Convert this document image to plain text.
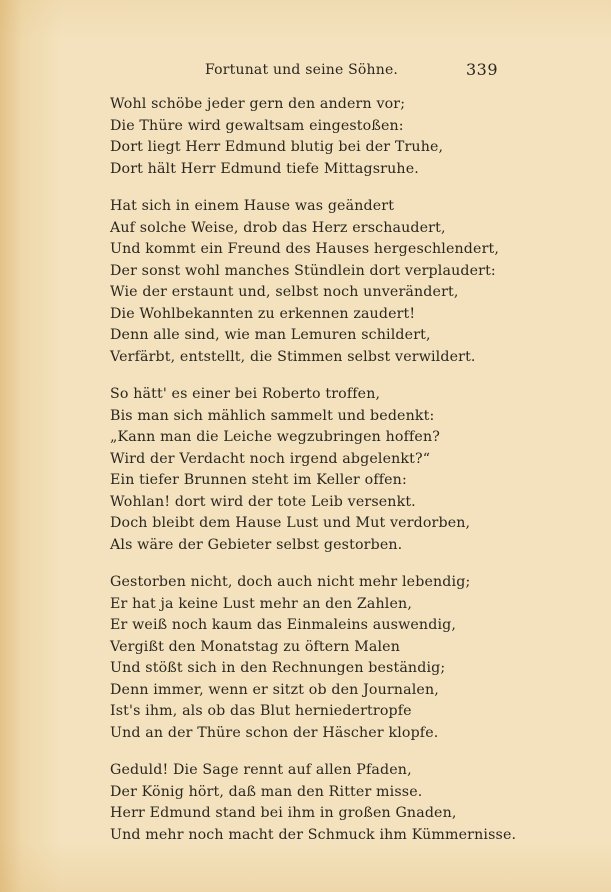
Fortunat und seine Söhne.	339
Wohl schöbe jeder gern den andern vor;
Die Thüre wird gewaltsam eingestoßen:
Dort liegt Herr Edmund blutig bei der Truhe,
Dort hält Herr Edmund tiefe Mittagsruhe.
Hat sich in einem Hause was geändert
Auf solche Weise, drob das Herz erschaudert,
Und kommt ein Freund des Hauses hergeschlendert,
Der sonst wohl manches Stündlein dort verplaudert:
Wie der erstaunt und, selbst noch unverändert,
Die Wohlbekannten zu erkennen zaudert!
Denn alle sind, wie man Lemuren schildert,
Verfärbt, entstellt, die Stimmen selbst verwildert.
So hätt' es einer bei Roberto troffen,
Bis man sich mählich sammelt und bedenkt:
„Kann man die Leiche wegzubringen hoffen?
Wird der Verdacht noch irgend abgelenkt?“
Ein tiefer Brunnen steht im Keller offen:
Wohlan! dort wird der tote Leib versenkt.
Doch bleibt dem Hause Lust und Mut verdorben,
Als wäre der Gebieter selbst gestorben.
Gestorben nicht, doch auch nicht mehr lebendig;
Er hat ja keine Lust mehr an den Zahlen,
Er weiß noch kaum das Einmaleins auswendig,
Vergißt den Monatstag zu öftern Malen
Und stößt sich in den Rechnungen beständig;
Denn immer, wenn er sitzt ob den Journalen,
Ist's ihm, als ob das Blut herniedertropfe
Und an der Thüre schon der Häscher klopfe.
Geduld! Die Sage rennt auf allen Pfaden,
Der König hört, daß man den Ritter misse.
Herr Edmund stand bei ihm in großen Gnaden,
Und mehr noch macht der Schmuck ihm Kümmernisse.
